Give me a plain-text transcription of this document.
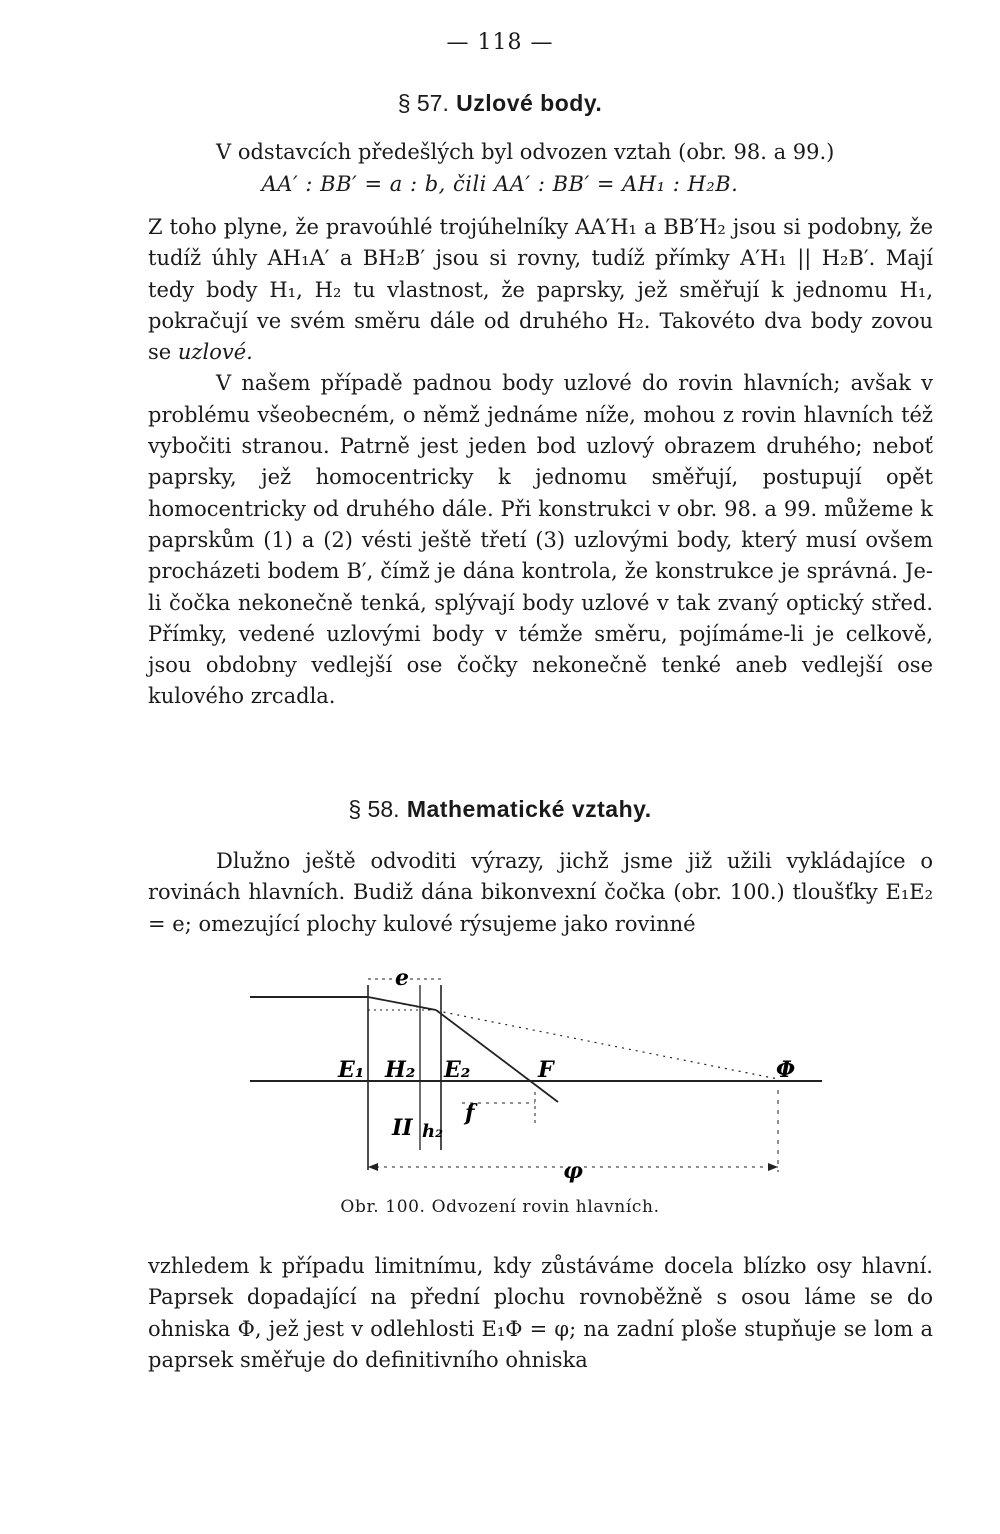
— 118 —
§ 57. Uzlové body.

V odstavcích předešlých byl odvozen vztah (obr. 98. a 99.)

AA′ : BB′ = a : b, čili AA′ : BB′ = AH₁ : H₂B.

Z toho plyne, že pravoúhlé trojúhelníky AA′H₁ a BB′H₂ jsou si podobny, že tudíž úhly AH₁A′ a BH₂B′ jsou si rovny, tudíž přímky A′H₁ || H₂B′. Mají tedy body H₁, H₂ tu vlastnost, že paprsky, jež směřují k jednomu H₁, pokračují ve svém směru dále od druhého H₂. Takovéto dva body zovou se uzlové.

V našem případě padnou body uzlové do rovin hlavních; avšak v problému všeobecném, o němž jednáme níže, mohou z rovin hlavních též vybočiti stranou. Patrně jest jeden bod uzlový obrazem druhého; neboť paprsky, jež homocentricky k jednomu směřují, postupují opět homocentricky od druhého dále. Při konstrukci v obr. 98. a 99. můžeme k paprskům (1) a (2) vésti ještě třetí (3) uzlovými body, který musí ovšem procházeti bodem B′, čímž je dána kontrola, že konstrukce je správná. Je-li čočka nekonečně tenká, splývají body uzlové v tak zvaný optický střed. Přímky, vedené uzlovými body v témže směru, pojímáme-li je celkově, jsou obdobny vedlejší ose čočky nekonečně tenké aneb vedlejší ose kulového zrcadla.

§ 58. Mathematické vztahy.

Dlužno ještě odvoditi výrazy, jichž jsme již užili vykládajíce o rovinách hlavních. Budiž dána bikonvexní čočka (obr. 100.) tloušťky E₁E₂ = e; omezující plochy kulové rýsujeme jako rovinné

e
E₁ H₂ E₂	F	Φ
II h₂
f
φ
Obr. 100. Odvození rovin hlavních.

vzhledem k případu limitnímu, kdy zůstáváme docela blízko osy hlavní. Paprsek dopadající na přední plochu rovnoběžně s osou láme se do ohniska Φ, jež jest v odlehlosti E₁Φ = φ; na zadní ploše stupňuje se lom a paprsek směřuje do definitivního ohniska
